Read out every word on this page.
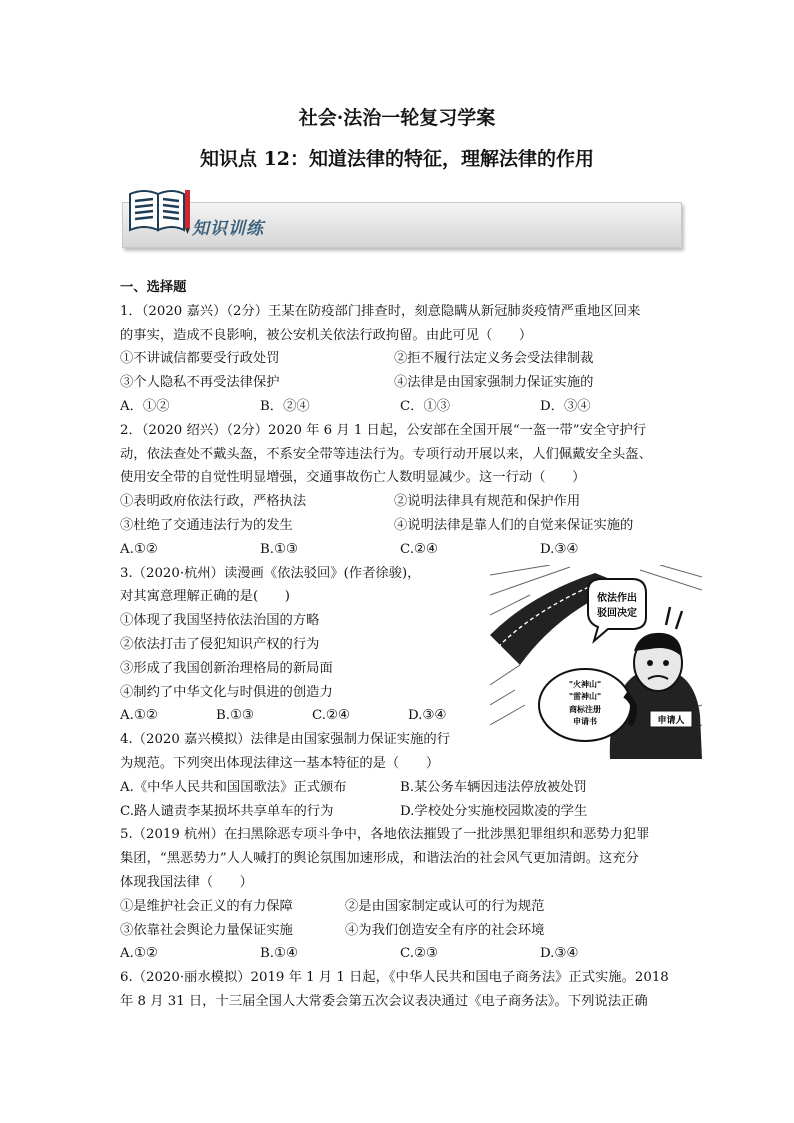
社会·法治一轮复习学案
知识点 12：知道法律的特征，理解法律的作用
知识训练
一、选择题
1．（2020 嘉兴）（2分）王某在防疫部门排查时，刻意隐瞒从新冠肺炎疫情严重地区回来
的事实，造成不良影响，被公安机关依法行政拘留。由此可见（　　）
①不讲诚信都要受行政处罚	②拒不履行法定义务会受法律制裁
③个人隐私不再受法律保护	④法律是由国家强制力保证实施的
A．①②	B．②④	C．①③	D．③④
2．（2020 绍兴）（2分）2020 年 6 月 1 日起，公安部在全国开展“一盔一带”安全守护行
动，依法查处不戴头盔，不系安全带等违法行为。专项行动开展以来，人们佩戴安全头盔、
使用安全带的自觉性明显增强，交通事故伤亡人数明显减少。这一行动（　　）
①表明政府依法行政，严格执法	②说明法律具有规范和保护作用
③杜绝了交通违法行为的发生	④说明法律是靠人们的自觉来保证实施的
A.①②	B.①③	C.②④	D.③④
3.（2020·杭州）读漫画《依法驳回》(作者徐骏)，
对其寓意理解正确的是(　　)
①体现了我国坚持依法治国的方略
②依法打击了侵犯知识产权的行为
③形成了我国创新治理格局的新局面
④制约了中华文化与时俱进的创造力
A.①②	B.①③	C.②④	D.③④
4.（2020 嘉兴模拟）法律是由国家强制力保证实施的行
为规范。下列突出体现法律这一基本特征的是（　　）
A.《中华人民共和国国歌法》正式颁布	B.某公务车辆因违法停放被处罚
C.路人谴责李某损坏共享单车的行为	D.学校处分实施校园欺凌的学生
5.（2019 杭州）在扫黑除恶专项斗争中，各地依法摧毁了一批涉黑犯罪组织和恶势力犯罪
集团，“黑恶势力”人人喊打的舆论氛围加速形成，和谐法治的社会风气更加清朗。这充分
体现我国法律（　　）
①是维护社会正义的有力保障	②是由国家制定或认可的行为规范
③依靠社会舆论力量保证实施	④为我们创造安全有序的社会环境
A.①②	B.①④	C.②③	D.③④
6.（2020·丽水模拟）2019 年 1 月 1 日起，《中华人民共和国电子商务法》正式实施。2018
年 8 月 31 日，十三届全国人大常委会第五次会议表决通过《电子商务法》。下列说法正确
依法作出
驳回决定
申请人
"火神山"
"雷神山"
商标注册
申请书
